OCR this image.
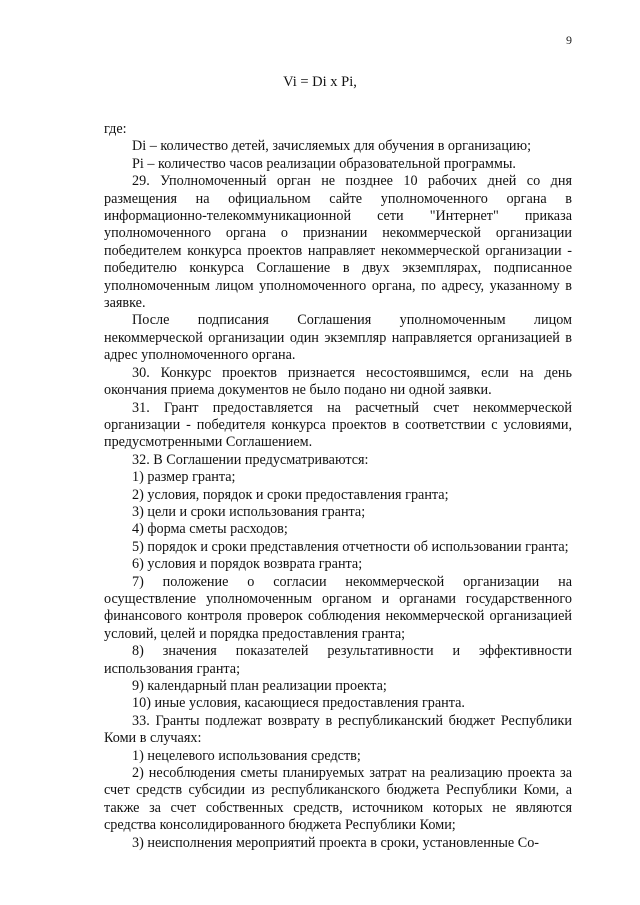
9
Vi = Di x Pi,

где:

Di – количество детей, зачисляемых для обучения в организацию;

Pi – количество часов реализации образовательной программы.

29. Уполномоченный орган не позднее 10 рабочих дней со дня размещения на официальном сайте уполномоченного органа в информационно-телекоммуникационной сети "Интернет" приказа уполномоченного органа о признании некоммерческой организации победителем конкурса проектов направляет некоммерческой организации - победителю конкурса Соглашение в двух экземплярах, подписанное уполномоченным лицом уполномоченного органа, по адресу, указанному в заявке.

После подписания Соглашения уполномоченным лицом некоммерческой организации один экземпляр направляется организацией в адрес уполномоченного органа.

30. Конкурс проектов признается несостоявшимся, если на день окончания приема документов не было подано ни одной заявки.

31. Грант предоставляется на расчетный счет некоммерческой организации - победителя конкурса проектов в соответствии с условиями, предусмотренными Соглашением.

32. В Соглашении предусматриваются:

1) размер гранта;

2) условия, порядок и сроки предоставления гранта;

3) цели и сроки использования гранта;

4) форма сметы расходов;

5) порядок и сроки представления отчетности об использовании гранта;

6) условия и порядок возврата гранта;

7) положение о согласии некоммерческой организации на осуществление уполномоченным органом и органами государственного финансового контроля проверок соблюдения некоммерческой организацией условий, целей и порядка предоставления гранта;

8) значения показателей результативности и эффективности использования гранта;

9) календарный план реализации проекта;

10) иные условия, касающиеся предоставления гранта.

33. Гранты подлежат возврату в республиканский бюджет Республики Коми в случаях:

1) нецелевого использования средств;

2) несоблюдения сметы планируемых затрат на реализацию проекта за счет средств субсидии из республиканского бюджета Республики Коми, а также за счет собственных средств, источником которых не являются средства консолидированного бюджета Республики Коми;

3) неисполнения мероприятий проекта в сроки, установленные Со-
